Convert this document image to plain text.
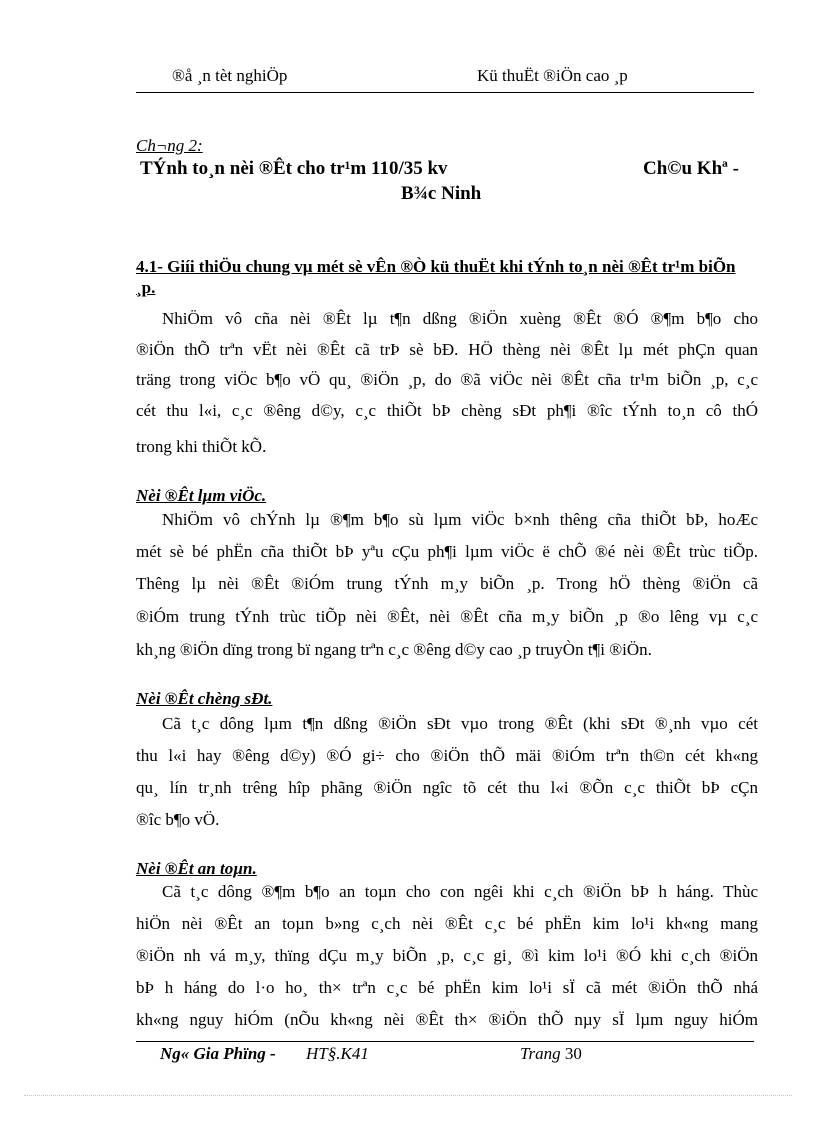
®å ¸n tèt nghiÖp	Kü thuËt ®iÖn cao ¸p
Ch¬ng 2:
TÝnh to¸n nèi ®Êt cho tr¹m 110/35 kv	Ch©u Khª -
B¾c Ninh
4.1- Giíi thiÖu chung vµ mét sè vÊn ®Ò kü thuËt khi tÝnh to¸n nèi ®Êt tr¹m biÕn ¸p.
NhiÖm vô cña nèi ®Êt lµ t¶n dßng ®iÖn xuèng ®Êt ®Ó ®¶m b¶o cho
®iÖn thÕ trªn vËt nèi ®Êt cã trÞ sè bÐ. HÖ thèng nèi ®Êt lµ mét phÇn quan
träng trong viÖc b¶o vÖ qu¸ ®iÖn ¸p, do ®ã viÖc nèi ®Êt cña tr¹m biÕn ¸p, c¸c
cét thu l«i, c¸c ®êng d©y, c¸c thiÕt bÞ chèng sÐt ph¶i ®îc tÝnh to¸n cô thÓ
trong khi thiÕt kÕ.
Nèi ®Êt lµm viÖc.
NhiÖm vô chÝnh lµ ®¶m b¶o sù lµm viÖc b×nh thêng cña thiÕt bÞ, hoÆc
mét sè bé phËn cña thiÕt bÞ yªu cÇu ph¶i lµm viÖc ë chÕ ®é nèi ®Êt trùc tiÕp.
Thêng lµ nèi ®Êt ®iÓm trung tÝnh m¸y biÕn ¸p. Trong hÖ thèng ®iÖn cã
®iÓm trung tÝnh trùc tiÕp nèi ®Êt, nèi ®Êt cña m¸y biÕn ¸p ®o lêng vµ c¸c
kh¸ng ®iÖn dïng trong bï ngang trªn c¸c ®êng d©y cao ¸p truyÒn t¶i ®iÖn.
Nèi ®Êt chèng sÐt.
Cã t¸c dông lµm t¶n dßng ®iÖn sÐt vµo trong ®Êt (khi sÐt ®¸nh vµo cét
thu l«i hay ®êng d©y) ®Ó gi÷ cho ®iÖn thÕ mäi ®iÓm trªn th©n cét kh«ng
qu¸ lín tr¸nh trêng hîp phãng ®iÖn ngîc tõ cét thu l«i ®Õn c¸c thiÕt bÞ cÇn
®îc b¶o vÖ.
Nèi ®Êt an toµn.
Cã t¸c dông ®¶m b¶o an toµn cho con ngêi khi c¸ch ®iÖn bÞ h háng. Thùc
hiÖn nèi ®Êt an toµn b»ng c¸ch nèi ®Êt c¸c bé phËn kim lo¹i kh«ng mang
®iÖn nh vá m¸y, thïng dÇu m¸y biÕn ¸p, c¸c gi¸ ®ì kim lo¹i ®Ó khi c¸ch ®iÖn
bÞ h háng do l·o ho¸ th× trªn c¸c bé phËn kim lo¹i sÏ cã mét ®iÖn thÕ nhá
kh«ng nguy hiÓm (nÕu kh«ng nèi ®Êt th× ®iÖn thÕ nµy sÏ lµm nguy hiÓm
Ng« Gia Phïng - HT§.K41	Trang 30
